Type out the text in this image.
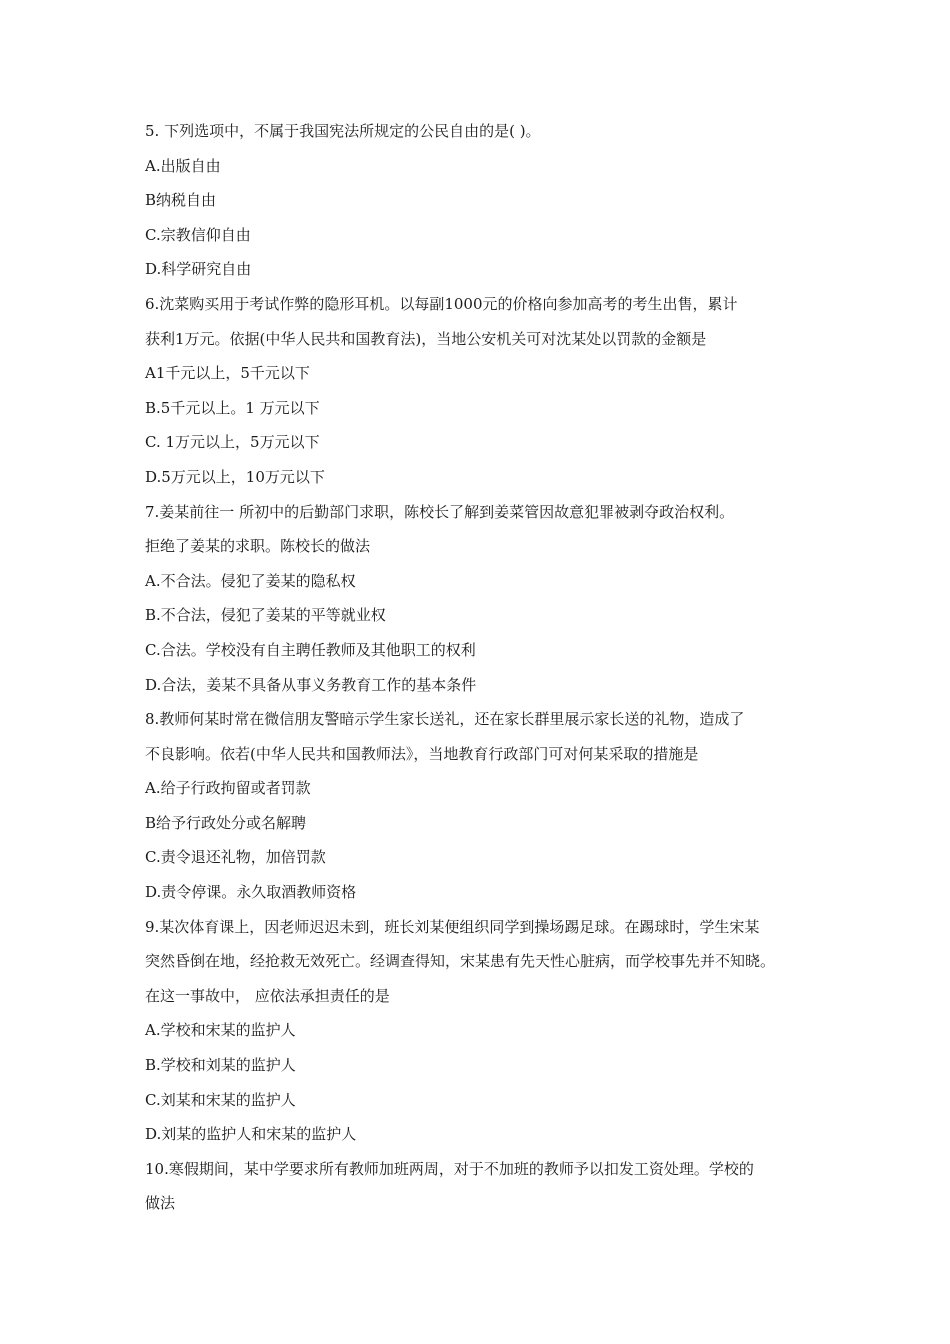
5. 下列选项中，不属于我国宪法所规定的公民自由的是( )。
A.出版自由
B纳税自由
C.宗教信仰自由
D.科学研究自由
6.沈菜购买用于考试作弊的隐形耳机。以每副1000元的价格向参加高考的考生出售，累计
获利1万元。依据(中华人民共和国教育法)，当地公安机关可对沈某处以罚款的金额是
A1千元以上，5千元以下
B.5千元以上。1 万元以下
C. 1万元以上，5万元以下
D.5万元以上，10万元以下
7.姜某前往一 所初中的后勤部门求职，陈校长了解到姜菜管因故意犯罪被剥夺政治权利。
拒绝了姜某的求职。陈校长的做法
A.不合法。侵犯了姜某的隐私权
B.不合法，侵犯了姜某的平等就业权
C.合法。学校没有自主聘任教师及其他职工的权利
D.合法，姜某不具备从事义务教育工作的基本条件
8.教师何某时常在微信朋友警暗示学生家长送礼，还在家长群里展示家长送的礼物，造成了
不良影响。依若(中华人民共和国教师法》，当地教育行政部门可对何某采取的措施是
A.给子行政拘留或者罚款
B给予行政处分或名解聘
C.责令退还礼物，加倍罚款
D.责令停课。永久取酒教师资格
9.某次体育课上，因老师迟迟未到，班长刘某便组织同学到操场踢足球。在踢球时，学生宋某
突然昏倒在地，经抢救无效死亡。经调查得知，宋某患有先天性心脏病，而学校事先并不知晓。
在这一事故中， 应依法承担责任的是
A.学校和宋某的监护人
B.学校和刘某的监护人
C.刘某和宋某的监护人
D.刘某的监护人和宋某的监护人
10.寒假期间，某中学要求所有教师加班两周，对于不加班的教师予以扣发工资处理。学校的
做法
